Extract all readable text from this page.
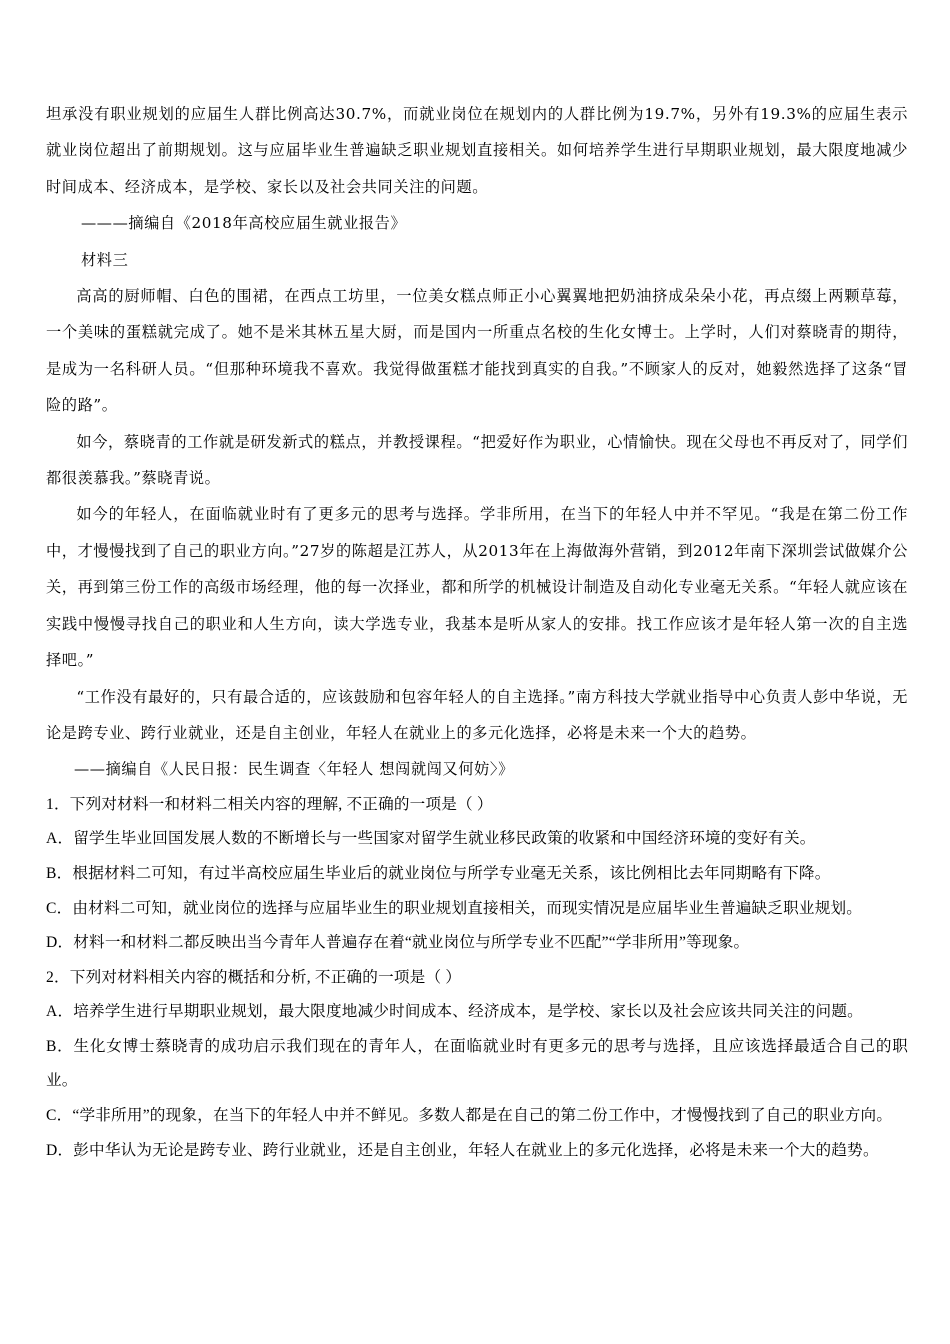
坦承没有职业规划的应届生人群比例高达30.7%，而就业岗位在规划内的人群比例为19.7%，另外有19.3%的应届生表示就业岗位超出了前期规划。这与应届毕业生普遍缺乏职业规划直接相关。如何培养学生进行早期职业规划，最大限度地减少时间成本、经济成本，是学校、家长以及社会共同关注的问题。

———摘编自《2018年高校应届生就业报告》

材料三

高高的厨师帽、白色的围裙，在西点工坊里，一位美女糕点师正小心翼翼地把奶油挤成朵朵小花，再点缀上两颗草莓，一个美味的蛋糕就完成了。她不是米其林五星大厨，而是国内一所重点名校的生化女博士。上学时，人们对蔡晓青的期待，是成为一名科研人员。“但那种环境我不喜欢。我觉得做蛋糕才能找到真实的自我。”不顾家人的反对，她毅然选择了这条“冒险的路”。

如今，蔡晓青的工作就是研发新式的糕点，并教授课程。“把爱好作为职业，心情愉快。现在父母也不再反对了，同学们都很羡慕我。”蔡晓青说。

如今的年轻人，在面临就业时有了更多元的思考与选择。学非所用，在当下的年轻人中并不罕见。“我是在第二份工作中，才慢慢找到了自己的职业方向。”27岁的陈超是江苏人，从2013年在上海做海外营销，到2012年南下深圳尝试做媒介公关，再到第三份工作的高级市场经理，他的每一次择业，都和所学的机械设计制造及自动化专业毫无关系。“年轻人就应该在实践中慢慢寻找自己的职业和人生方向，读大学选专业，我基本是听从家人的安排。找工作应该才是年轻人第一次的自主选择吧。”

“工作没有最好的，只有最合适的，应该鼓励和包容年轻人的自主选择。”南方科技大学就业指导中心负责人彭中华说，无论是跨专业、跨行业就业，还是自主创业，年轻人在就业上的多元化选择，必将是未来一个大的趋势。

——摘编自《人民日报：民生调查〈年轻人 想闯就闯又何妨〉》

1．下列对材料一和材料二相关内容的理解, 不正确的一项是（ ）

A．留学生毕业回国发展人数的不断增长与一些国家对留学生就业移民政策的收紧和中国经济环境的变好有关。

B．根据材料二可知，有过半高校应届生毕业后的就业岗位与所学专业毫无关系，该比例相比去年同期略有下降。

C．由材料二可知，就业岗位的选择与应届毕业生的职业规划直接相关，而现实情况是应届毕业生普遍缺乏职业规划。

D．材料一和材料二都反映出当今青年人普遍存在着“就业岗位与所学专业不匹配”“学非所用”等现象。

2．下列对材料相关内容的概括和分析, 不正确的一项是（ ）

A．培养学生进行早期职业规划，最大限度地减少时间成本、经济成本，是学校、家长以及社会应该共同关注的问题。

B．生化女博士蔡晓青的成功启示我们现在的青年人，在面临就业时有更多元的思考与选择，且应该选择最适合自己的职业。

C．“学非所用”的现象，在当下的年轻人中并不鲜见。多数人都是在自己的第二份工作中，才慢慢找到了自己的职业方向。

D．彭中华认为无论是跨专业、跨行业就业，还是自主创业，年轻人在就业上的多元化选择，必将是未来一个大的趋势。
